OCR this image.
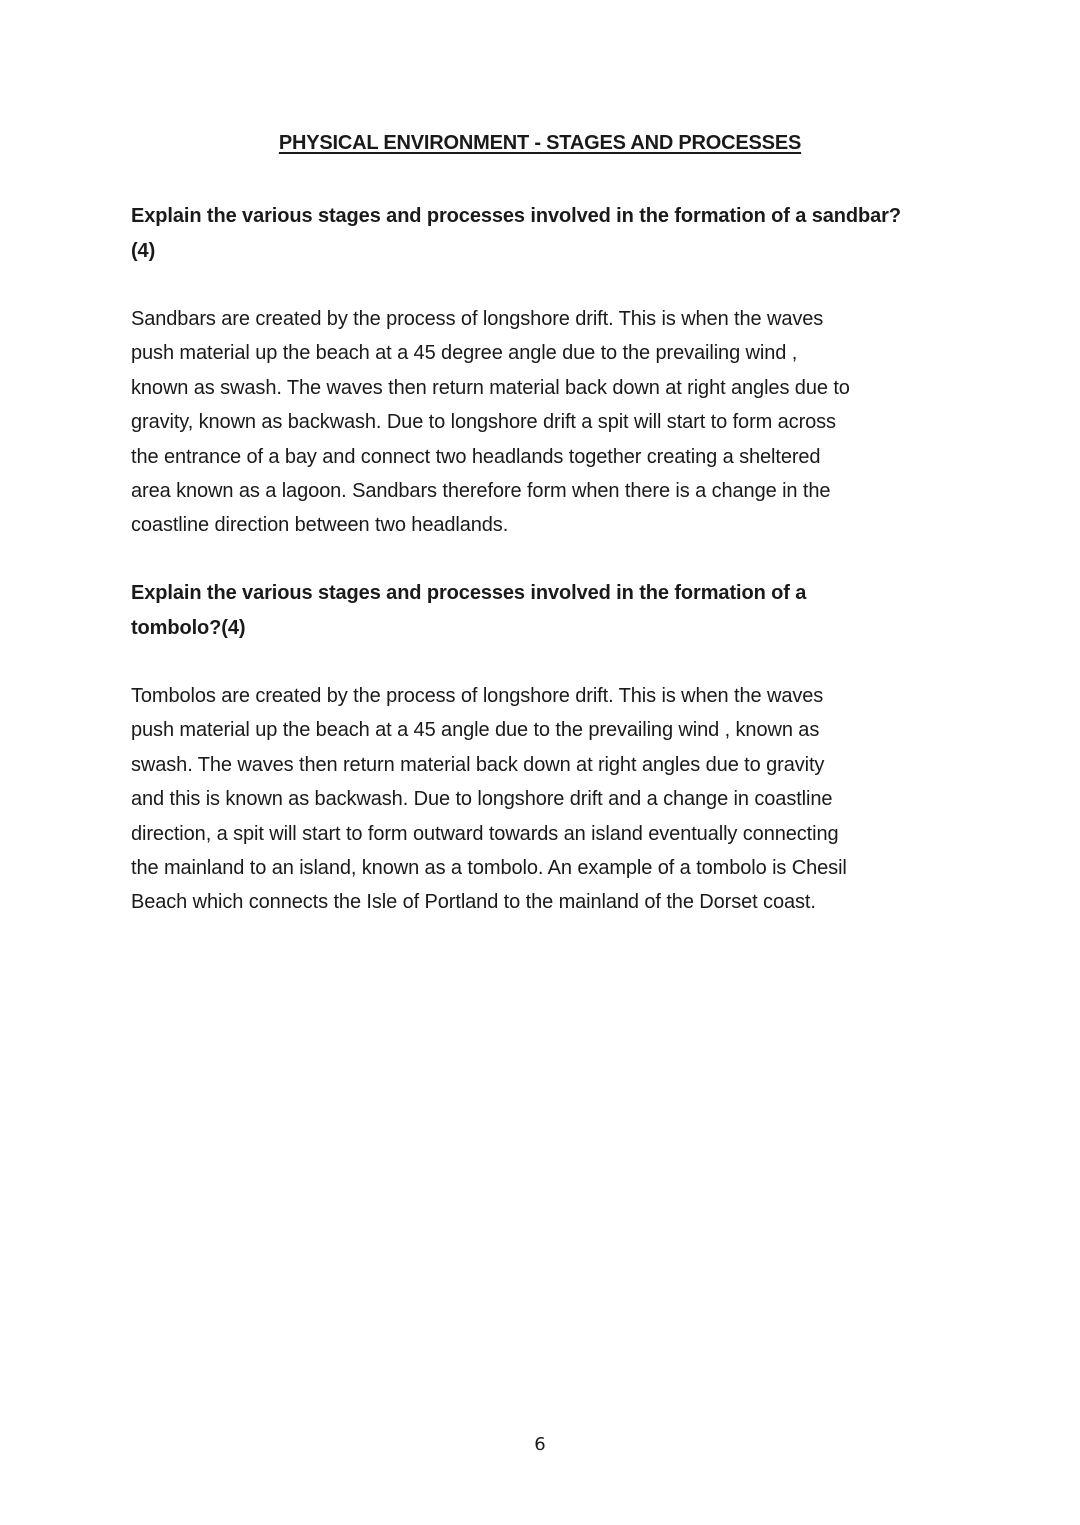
PHYSICAL ENVIRONMENT - STAGES AND PROCESSES
Explain the various stages and processes involved in the formation of a sandbar?
(4)
Sandbars are created by the process of longshore drift. This is when the waves
push material up the beach at a 45 degree angle due to the prevailing wind ,
known as swash. The waves then return material back down at right angles due to
gravity, known as backwash. Due to longshore drift a spit will start to form across
the entrance of a bay and connect two headlands together creating a sheltered
area known as a lagoon. Sandbars therefore form when there is a change in the
coastline direction between two headlands.
Explain the various stages and processes involved in the formation of a
tombolo?(4)
Tombolos are created by the process of longshore drift. This is when the waves
push material up the beach at a 45 angle due to the prevailing wind , known as
swash. The waves then return material back down at right angles due to gravity
and this is known as backwash. Due to longshore drift and a change in coastline
direction, a spit will start to form outward towards an island eventually connecting
the mainland to an island, known as a tombolo. An example of a tombolo is Chesil
Beach which connects the Isle of Portland to the mainland of the Dorset coast.
6
